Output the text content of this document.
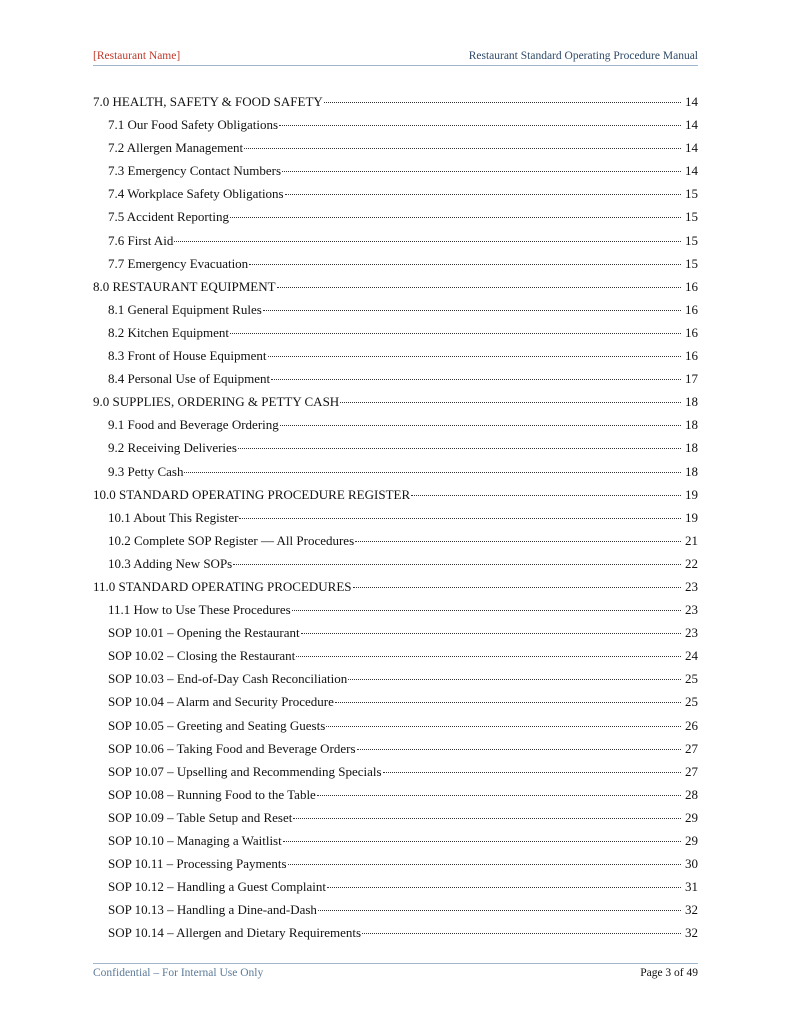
[Restaurant Name]	Restaurant Standard Operating Procedure Manual
7.0 HEALTH, SAFETY & FOOD SAFETY	14
7.1 Our Food Safety Obligations	14
7.2 Allergen Management	14
7.3 Emergency Contact Numbers	14
7.4 Workplace Safety Obligations	15
7.5 Accident Reporting	15
7.6 First Aid	15
7.7 Emergency Evacuation	15
8.0 RESTAURANT EQUIPMENT	16
8.1 General Equipment Rules	16
8.2 Kitchen Equipment	16
8.3 Front of House Equipment	16
8.4 Personal Use of Equipment	17
9.0 SUPPLIES, ORDERING & PETTY CASH	18
9.1 Food and Beverage Ordering	18
9.2 Receiving Deliveries	18
9.3 Petty Cash	18
10.0 STANDARD OPERATING PROCEDURE REGISTER	19
10.1 About This Register	19
10.2 Complete SOP Register — All Procedures	21
10.3 Adding New SOPs	22
11.0 STANDARD OPERATING PROCEDURES	23
11.1 How to Use These Procedures	23
SOP 10.01 – Opening the Restaurant	23
SOP 10.02 – Closing the Restaurant	24
SOP 10.03 – End-of-Day Cash Reconciliation	25
SOP 10.04 – Alarm and Security Procedure	25
SOP 10.05 – Greeting and Seating Guests	26
SOP 10.06 – Taking Food and Beverage Orders	27
SOP 10.07 – Upselling and Recommending Specials	27
SOP 10.08 – Running Food to the Table	28
SOP 10.09 – Table Setup and Reset	29
SOP 10.10 – Managing a Waitlist	29
SOP 10.11 – Processing Payments	30
SOP 10.12 – Handling a Guest Complaint	31
SOP 10.13 – Handling a Dine-and-Dash	32
SOP 10.14 – Allergen and Dietary Requirements	32
Confidential – For Internal Use Only	Page 3 of 49
